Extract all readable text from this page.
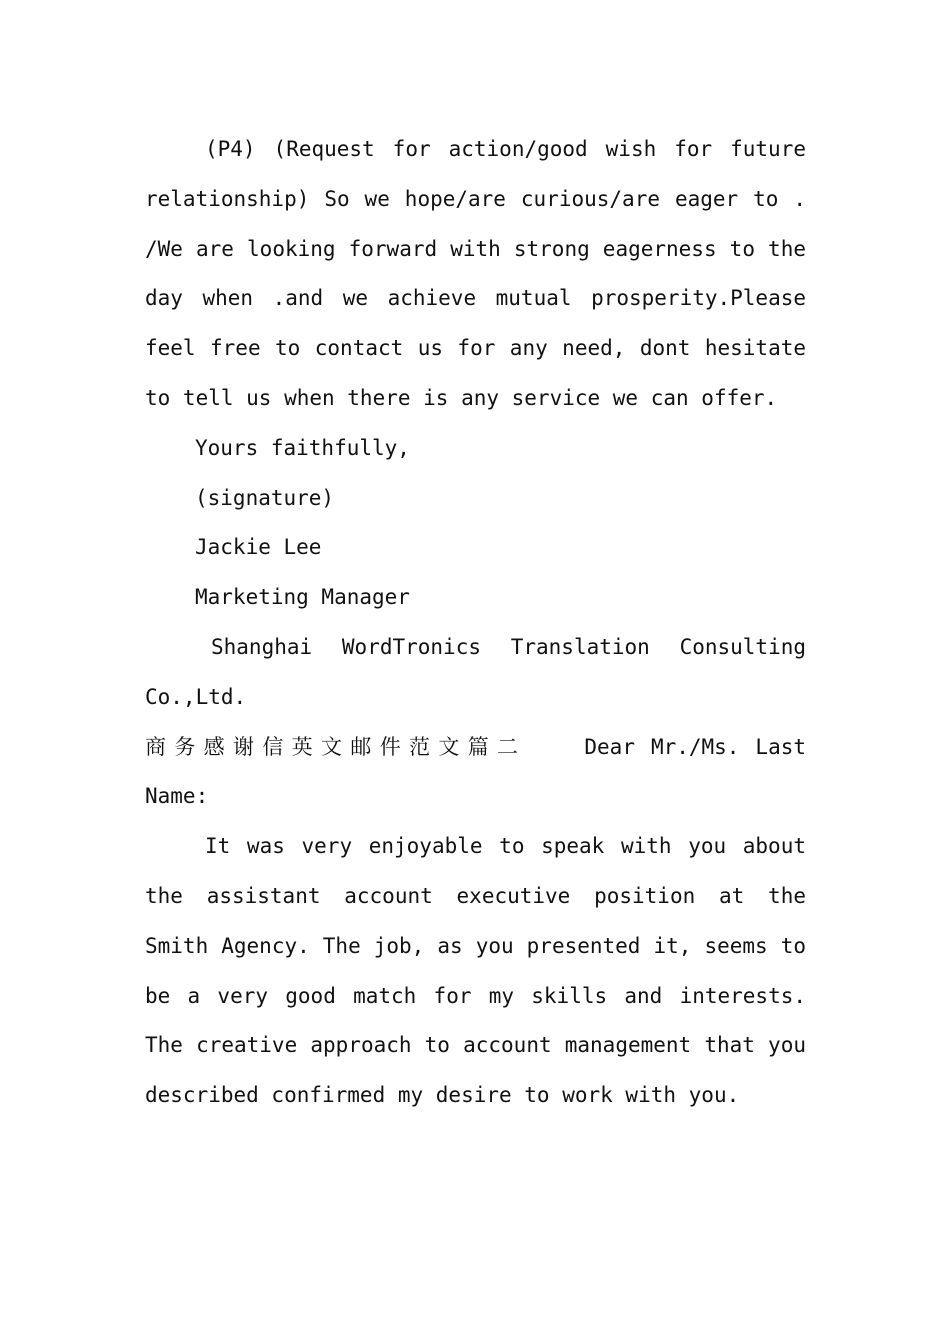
(P4) (Request for action/good wish for future relationship) So we hope/are curious/are eager to . /We are looking forward with strong eagerness to the day when .and we achieve mutual prosperity.Please feel free to contact us for any need, dont hesitate to tell us when there is any service we can offer.

Yours faithfully,

(signature)

Jackie Lee

Marketing Manager

Shanghai WordTronics Translation Consulting Co.,Ltd.

商务感谢信英文邮件范文篇二	Dear Mr./Ms. Last Name:

It was very enjoyable to speak with you about the assistant account executive position at the Smith Agency. The job, as you presented it, seems to be a very good match for my skills and interests. The creative approach to account management that you described confirmed my desire to work with you.
